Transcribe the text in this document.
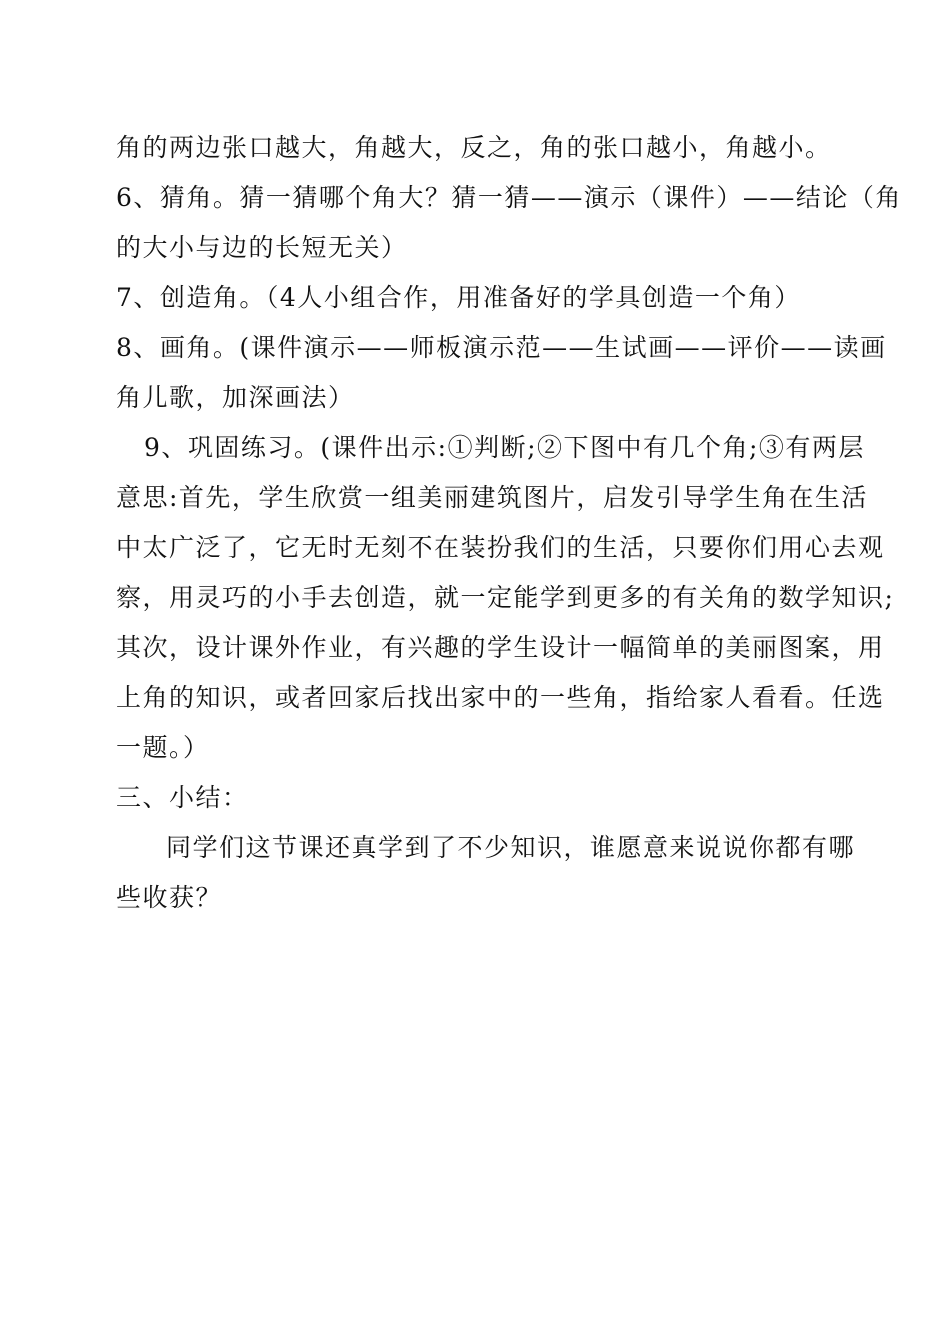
角的两边张口越大，角越大，反之，角的张口越小，角越小。
6、猜角。猜一猜哪个角大？猜一猜——演示（课件）——结论（角
的大小与边的长短无关）
7、创造角。（4人小组合作，用准备好的学具创造一个角）
8、画角。(课件演示——师板演示范——生试画——评价——读画
角儿歌，加深画法）
9、巩固练习。(课件出示:①判断;②下图中有几个角;③有两层
意思:首先，学生欣赏一组美丽建筑图片，启发引导学生角在生活
中太广泛了，它无时无刻不在装扮我们的生活，只要你们用心去观
察，用灵巧的小手去创造，就一定能学到更多的有关角的数学知识;
其次，设计课外作业，有兴趣的学生设计一幅简单的美丽图案，用
上角的知识，或者回家后找出家中的一些角，指给家人看看。任选
一题。）
三、小结：
同学们这节课还真学到了不少知识，谁愿意来说说你都有哪
些收获？
